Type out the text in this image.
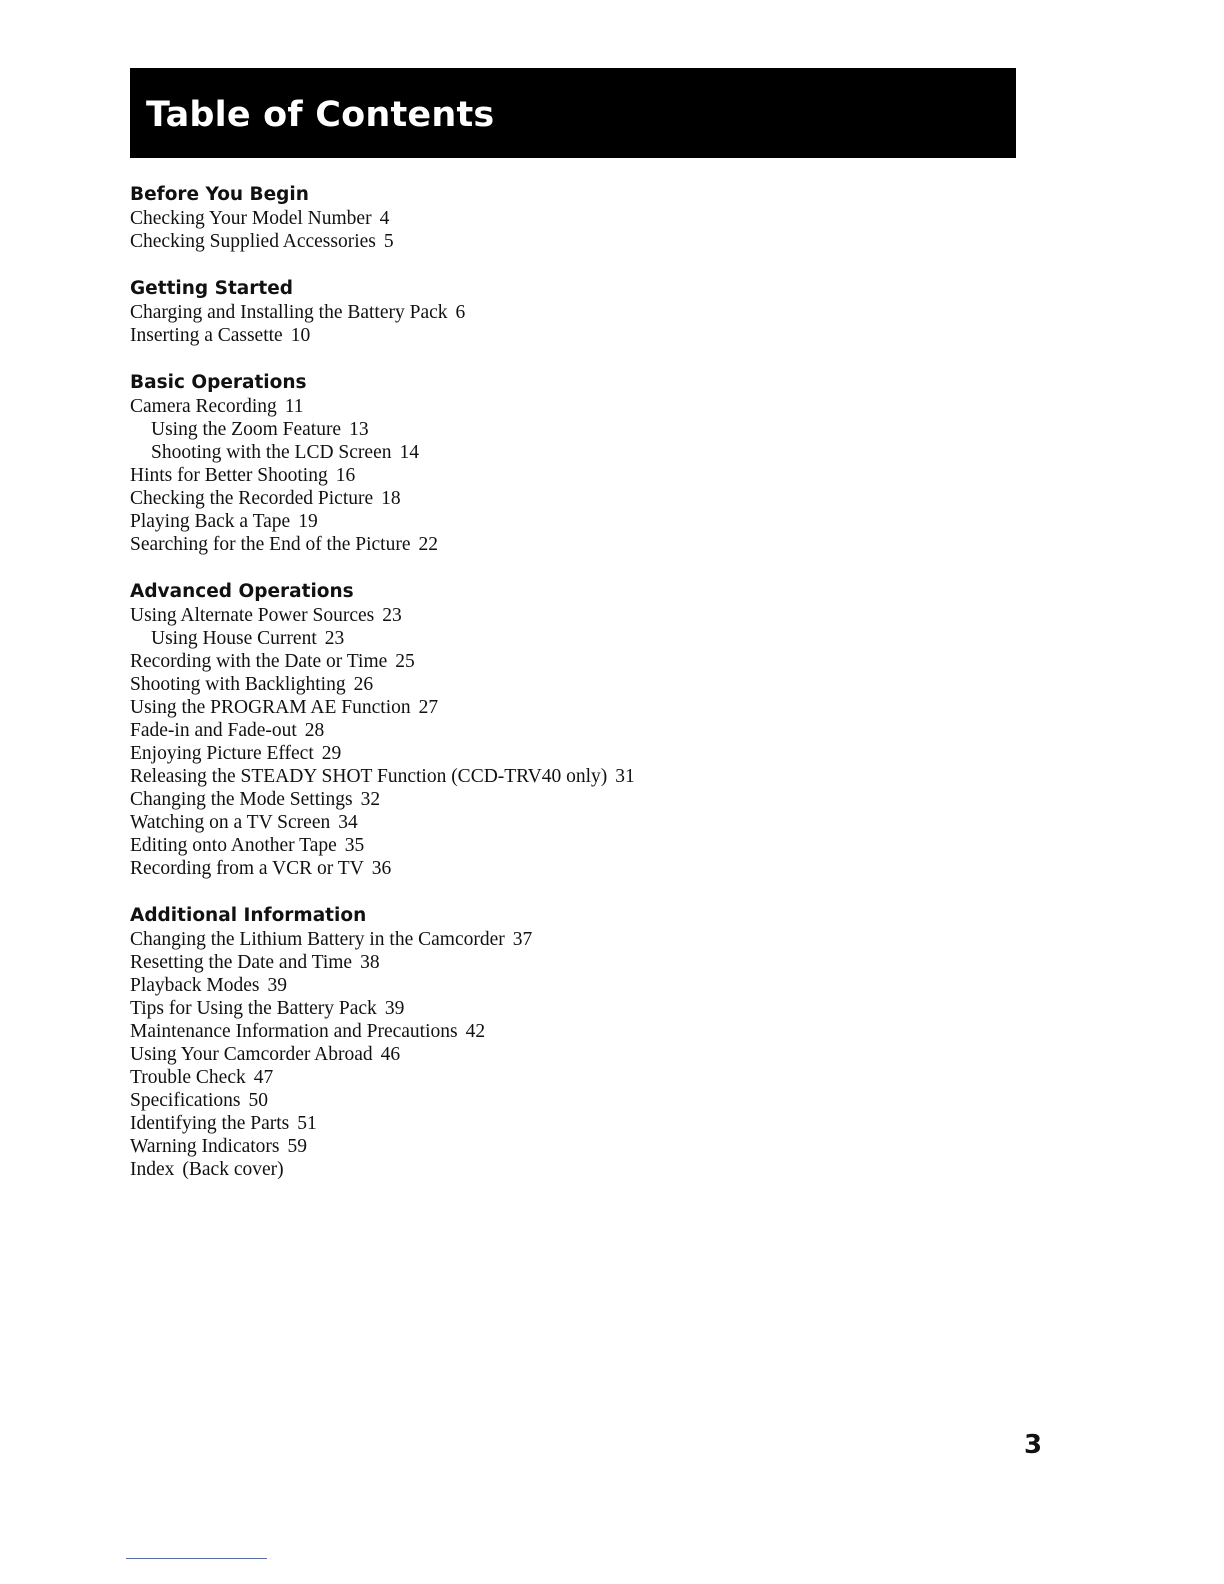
Table of Contents
Before You Begin
Checking Your Model Number 4
Checking Supplied Accessories 5
Getting Started
Charging and Installing the Battery Pack 6
Inserting a Cassette 10
Basic Operations
Camera Recording 11
Using the Zoom Feature 13
Shooting with the LCD Screen 14
Hints for Better Shooting 16
Checking the Recorded Picture 18
Playing Back a Tape 19
Searching for the End of the Picture 22
Advanced Operations
Using Alternate Power Sources 23
Using House Current 23
Recording with the Date or Time 25
Shooting with Backlighting 26
Using the PROGRAM AE Function 27
Fade-in and Fade-out 28
Enjoying Picture Effect 29
Releasing the STEADY SHOT Function (CCD-TRV40 only) 31
Changing the Mode Settings 32
Watching on a TV Screen 34
Editing onto Another Tape 35
Recording from a VCR or TV 36
Additional Information
Changing the Lithium Battery in the Camcorder 37
Resetting the Date and Time 38
Playback Modes 39
Tips for Using the Battery Pack 39
Maintenance Information and Precautions 42
Using Your Camcorder Abroad 46
Trouble Check 47
Specifications 50
Identifying the Parts 51
Warning Indicators 59
Index (Back cover)
3
